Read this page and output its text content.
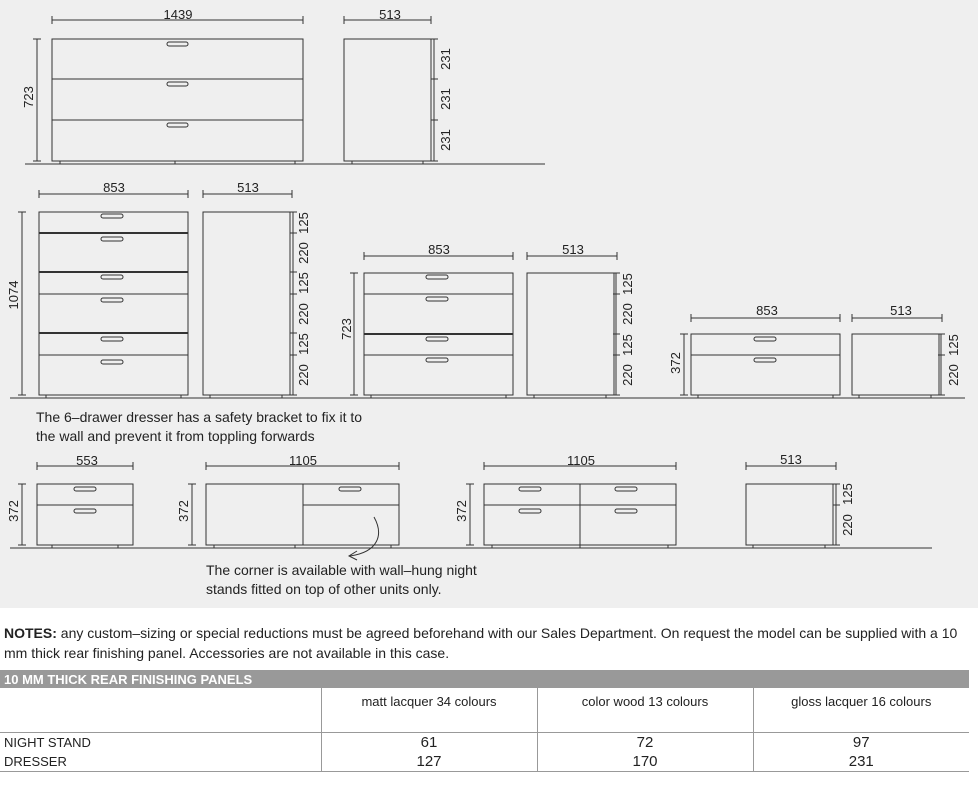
1439	513
723
231
231
231
853	513
1074
125
220
125
220
125
220
853	513
723
125
220
125
220
853	513
372
125
220
553
372
1105
372
1105
372
513
125
220

The 6–drawer dresser has a safety bracket to fix it to
the wall and prevent it from toppling forwards

The corner is available with wall–hung night
stands fitted on top of other units only.

NOTES: any custom–sizing or special reductions must be agreed beforehand with our Sales Department. On request the model can be supplied with a 10 mm thick rear finishing panel. Accessories are not available in this case.

10 MM THICK REAR FINISHING PANELS			
	matt lacquer 34 colours	color wood 13 colours	gloss lacquer 16 colours
NIGHT STAND	61	72	97
DRESSER	127	170	231
